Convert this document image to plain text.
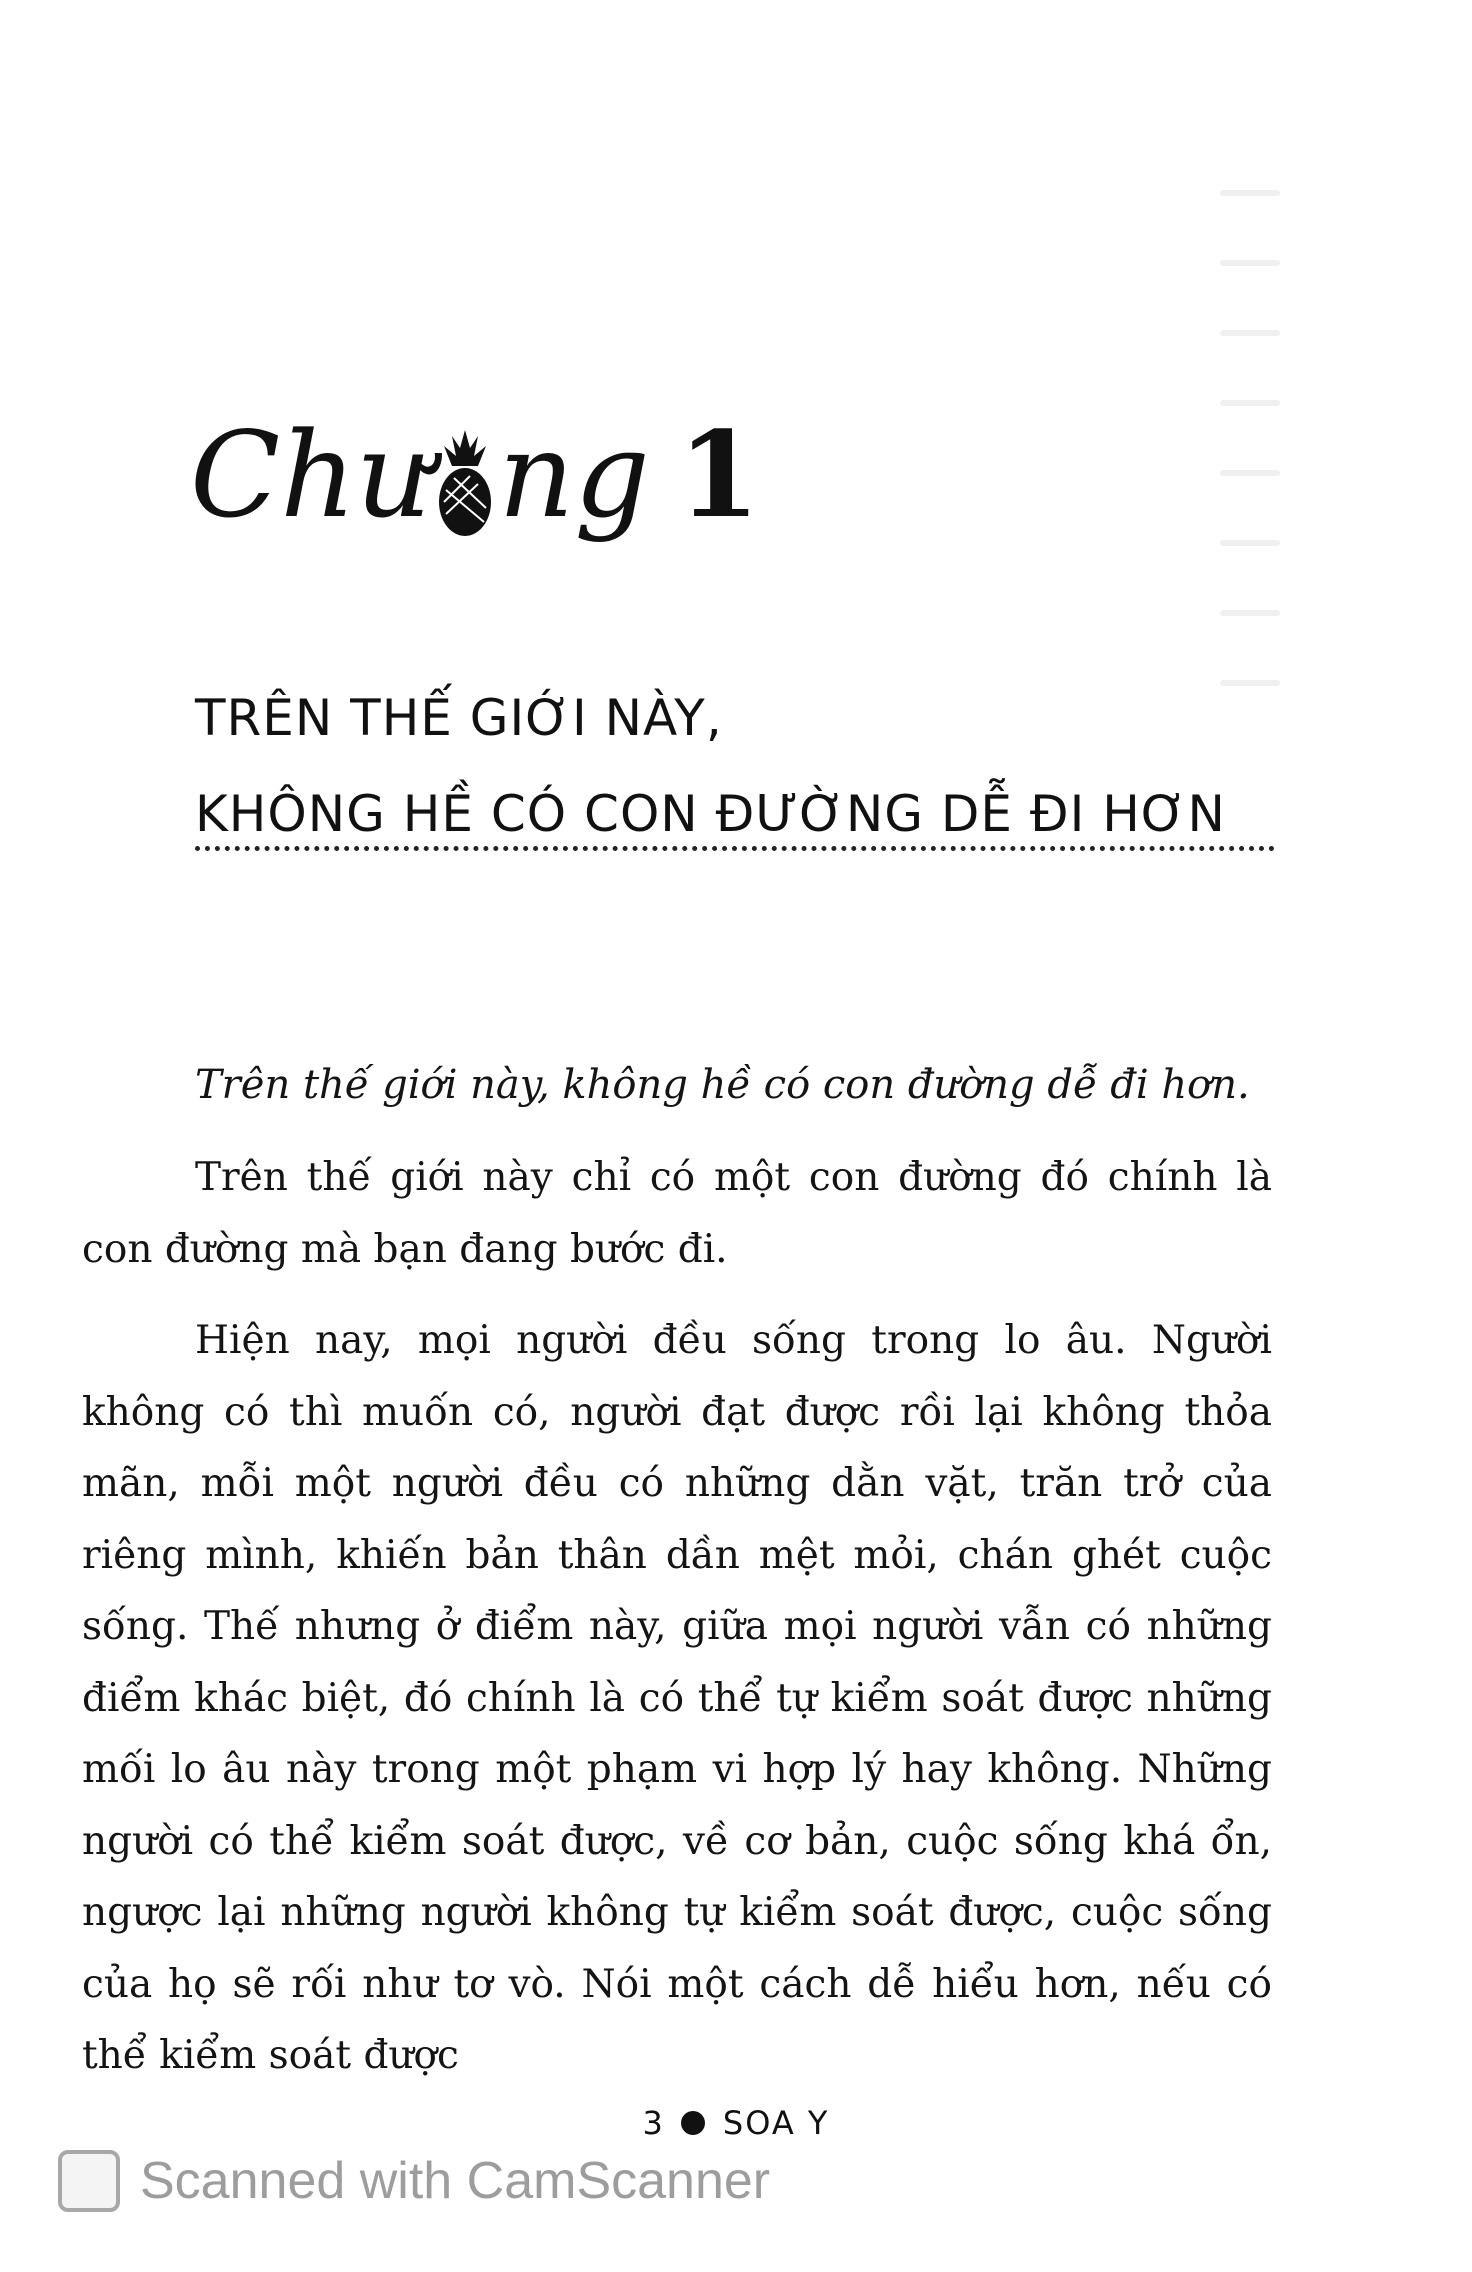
Chư ng 1
TRÊN THẾ GIỚI NÀY,
KHÔNG HỀ CÓ CON ĐƯỜNG DỄ ĐI HƠN
Trên thế giới này, không hề có con đường dễ đi hơn.

Trên thế giới này chỉ có một con đường đó chính là con đường mà bạn đang bước đi.

Hiện nay, mọi người đều sống trong lo âu. Người không có thì muốn có, người đạt được rồi lại không thỏa mãn, mỗi một người đều có những dằn vặt, trăn trở của riêng mình, khiến bản thân dần mệt mỏi, chán ghét cuộc sống. Thế nhưng ở điểm này, giữa mọi người vẫn có những điểm khác biệt, đó chính là có thể tự kiểm soát được những mối lo âu này trong một phạm vi hợp lý hay không. Những người có thể kiểm soát được, về cơ bản, cuộc sống khá ổn, ngược lại những người không tự kiểm soát được, cuộc sống của họ sẽ rối như tơ vò. Nói một cách dễ hiểu hơn, nếu có thể kiểm soát được

3 SOA Y
Scanned with CamScanner
